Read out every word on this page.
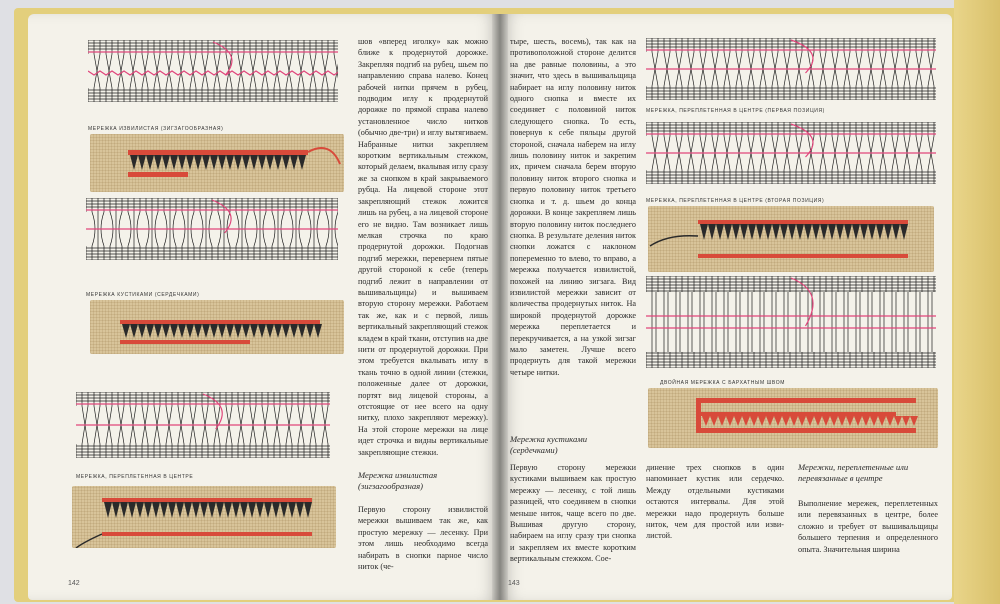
МЕРЕЖКА ИЗВИЛИСТАЯ (ЗИГЗАГООБРАЗНАЯ)
МЕРЕЖКА КУСТИКАМИ (СЕРДЕЧКАМИ)
МЕРЕЖКА, ПЕРЕПЛЕТЕННАЯ В ЦЕНТРЕ

шов «вперед иголку» как можно ближе к продернутой дорожке. Закрепляя подгиб на рубец, шьем по направлению справа налево. Конец рабочей нитки прячем в рубец, подводим иглу к продернутой дорожке по прямой справа налево установленное число нитков (обычно две-три) и иглу вытягиваем. Набранные нитки закрепляем коротким вертикальным стежком, который делаем, вкалывая иглу сразу же за снопком в край закрываемого рубца. На лицевой стороне этот закрепляющий стежок ложится лишь на рубец, а на лицевой стороне его не видно. Там возникает лишь мелкая строчка по краю продернутой дорожки. Подогнав подгиб мережки, перевернем пятые другой стороной к себе (теперь подгиб лежит в направлении от вышивальщицы) и вышиваем вторую сторону мережки. Работаем так же, как и с первой, лишь вертикальный закрепляющий стежок кладем в край ткани, отступив на две нити от продернутой дорожки. При этом требуется вкалывать иглу в ткань точно в одной линии (стежки, положенные далее от дорожки, портят вид лицевой стороны, а отстоящие от нее всего на одну нитку, плохо закрепляют мережку). На этой стороне мережки на лице идет строчка и видны вертикальные закрепляющие стежки.

Мережка извилистая (зигзагообразная)

Первую сторону извилистой мережки вышиваем так же, как простую мережку — лесенку. При этом лишь необходимо всегда набирать в снопки парное число ниток (че-

142

тыре, шесть, восемь), так как на противоположной стороне делится на две равные половины, а это значит, что здесь в вышивальщица набирает на иглу половину ниток одного снопка и вместе их соединяет с половиной ниток следующего снопка. То есть, повернув к себе пяльцы другой стороной, сначала наберем на иглу лишь половину ниток и закрепим их, причем сначала берем вторую половину ниток второго снопка и первую половину ниток третьего снопка и т. д. шьем до конца дорожки. В конце закрепляем лишь вторую половину ниток последнего снопка. В результате деления ниток снопки ложатся с наклоном попеременно то влево, то вправо, а мережка получается извилистой, похожей на линию зигзага. Вид извилистой мережки зависит от количества продернутых ниток. На широкой продернутой дорожке мережка переплетается и перекручивается, а на узкой зигзаг мало заметен. Лучше всего продернуть для такой мережки четыре нитки.

Мережка кустиками (сердечками)

Первую сторону мережки кустиками вышиваем как простую мережку — лесенку, с той лишь разницей, что соединяем в снопки меньше ниток, чаще всего по две. Вышивая другую сторону, набираем на иглу сразу три снопка и закрепляем их вместе коротким вертикальным стежком. Сое-

МЕРЕЖКА, ПЕРЕПЛЕТЕННАЯ В ЦЕНТРЕ (ПЕРВАЯ ПОЗИЦИЯ)
МЕРЕЖКА, ПЕРЕПЛЕТЕННАЯ В ЦЕНТРЕ (ВТОРАЯ ПОЗИЦИЯ)
ДВОЙНАЯ МЕРЕЖКА С БАРХАТНЫМ ШВОМ

динение трех снопков в один напоминает кустик или сердечко. Между отдельными кустиками остаются интервалы. Для этой мережки надо продернуть больше ниток, чем для простой или извилистой.

Мережки, переплетенные или перевязанные в центре

Выполнение мережек, переплетенных или перевязанных в центре, более сложно и требует от вышивальщицы большего терпения и определенного опыта. Значительная ширина

143
